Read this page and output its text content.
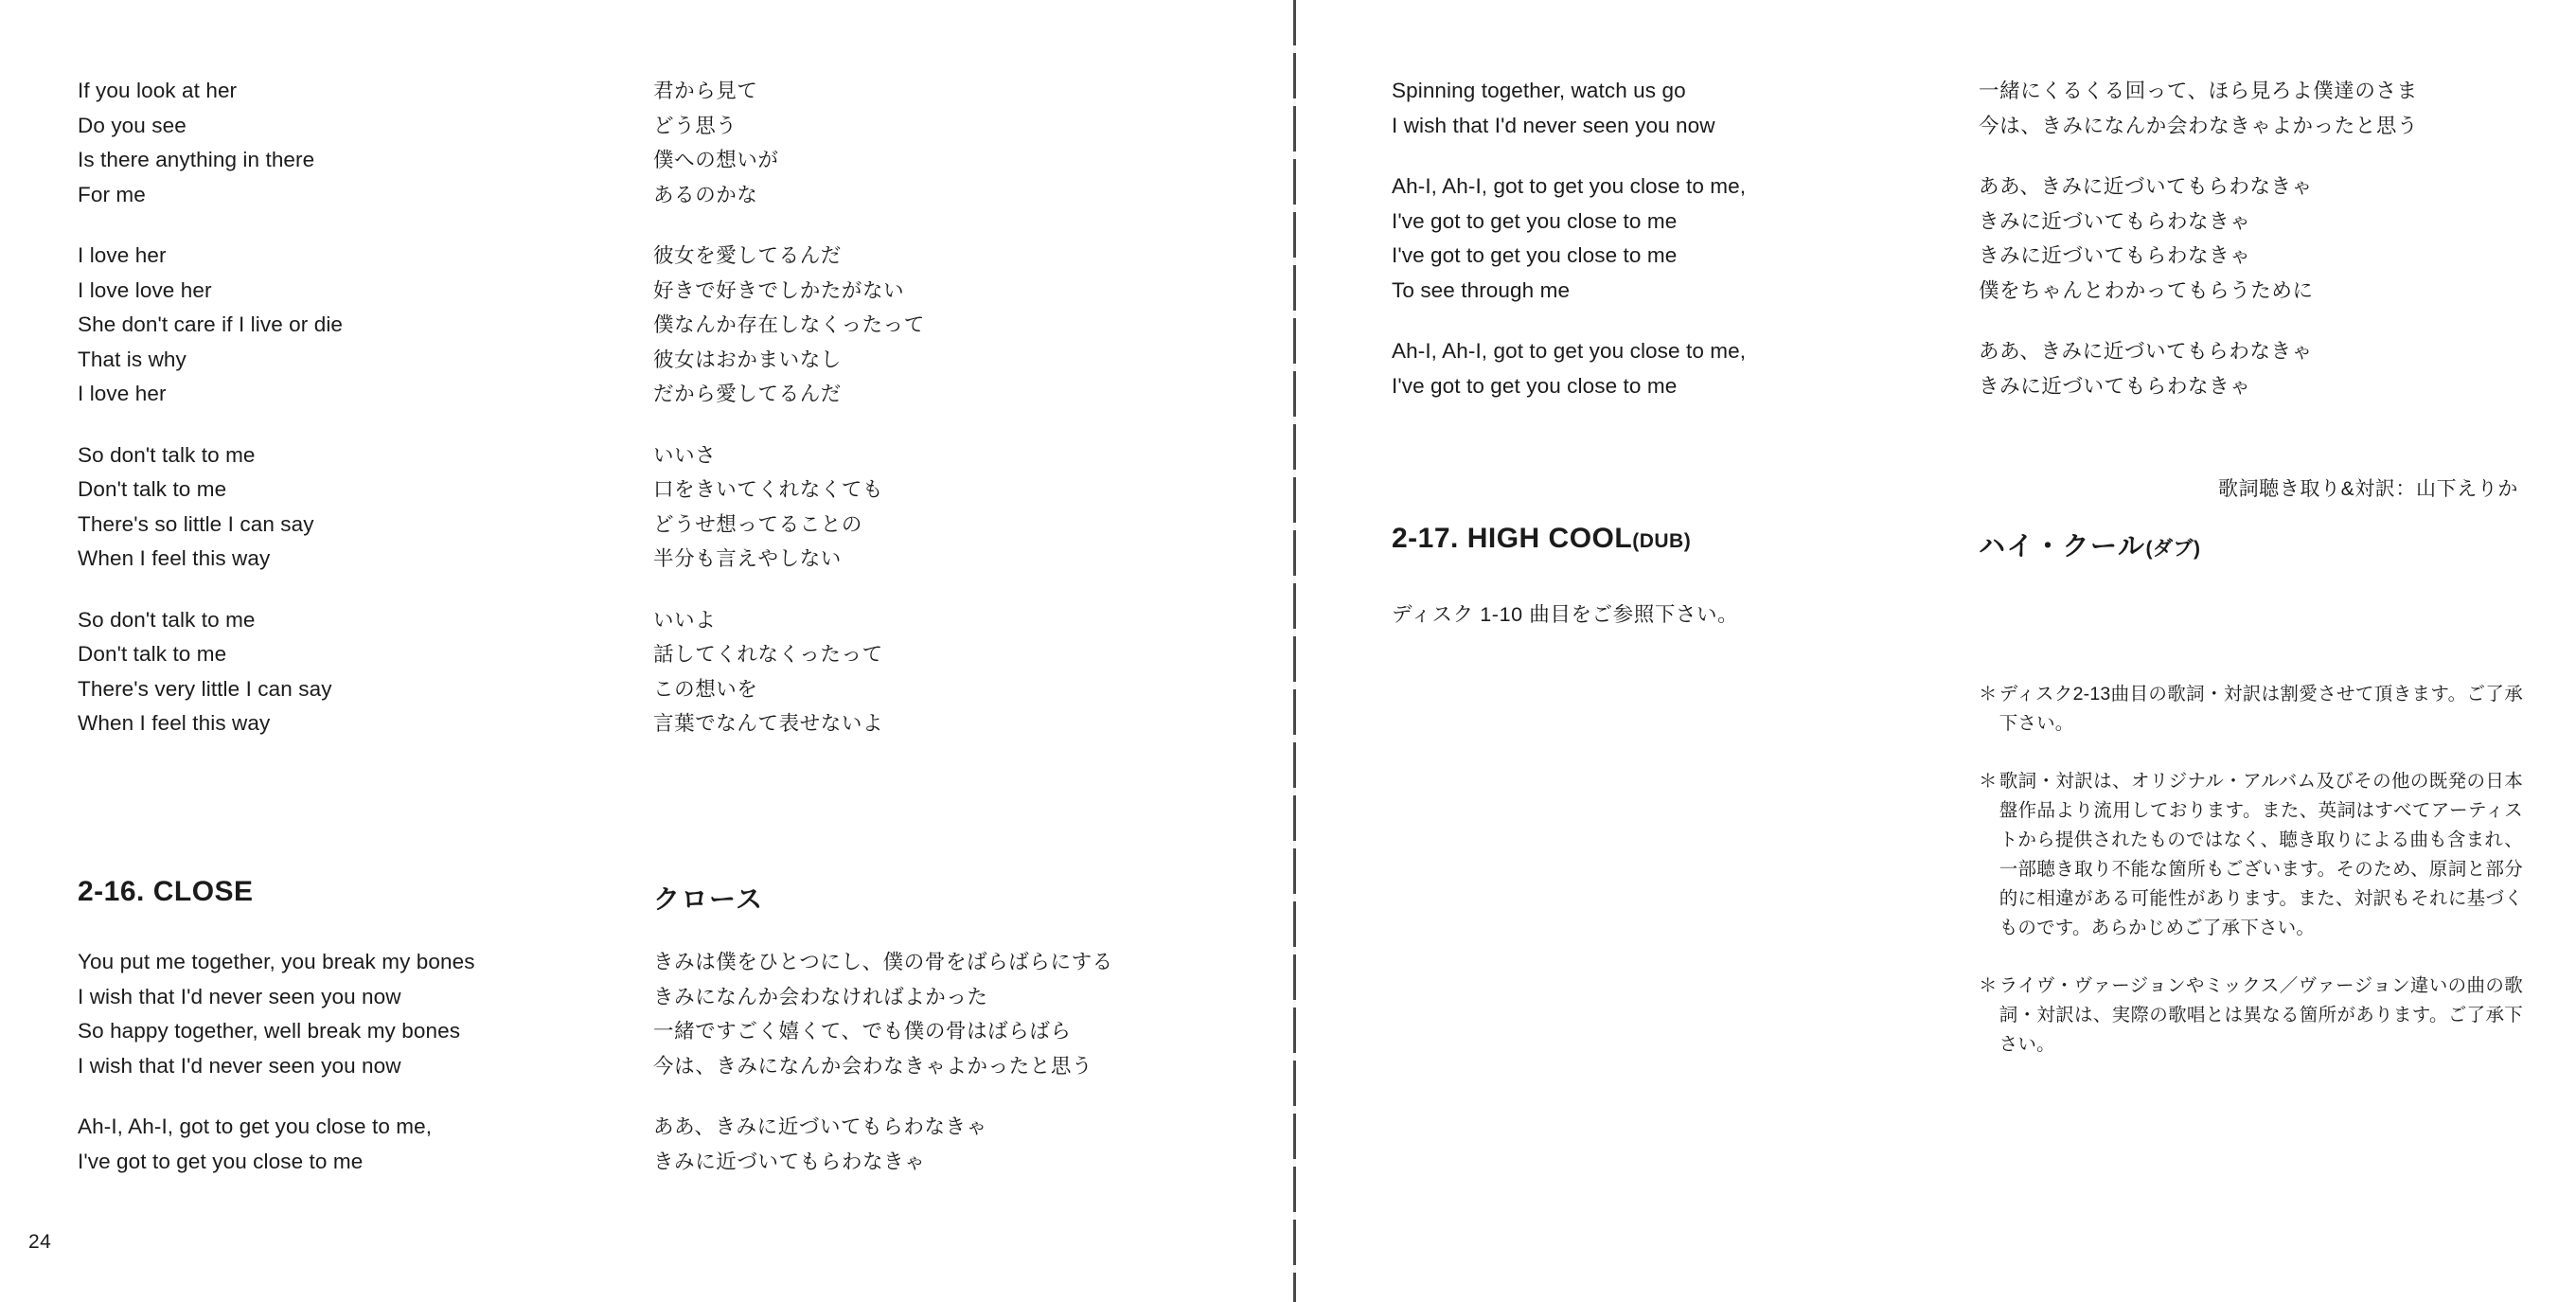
If you look at her
Do you see
Is there anything in there
For me
I love her
I love love her
She don't care if I live or die
That is why
I love her
So don't talk to me
Don't talk to me
There's so little I can say
When I feel this way
So don't talk to me
Don't talk to me
There's very little I can say
When I feel this way
君から見て
どう思う
僕への想いが
あるのかな
彼女を愛してるんだ
好きで好きでしかたがない
僕なんか存在しなくったって
彼女はおかまいなし
だから愛してるんだ
いいさ
口をきいてくれなくても
どうせ想ってることの
半分も言えやしない
いいよ
話してくれなくったって
この想いを
言葉でなんて表せないよ
2-16. CLOSE	クロース
You put me together, you break my bones
I wish that I'd never seen you now
So happy together, well break my bones
I wish that I'd never seen you now
Ah-I, Ah-I, got to get you close to me,
I've got to get you close to me
きみは僕をひとつにし、僕の骨をばらばらにする
きみになんか会わなければよかった
一緒ですごく嬉くて、でも僕の骨はばらばら
今は、きみになんか会わなきゃよかったと思う
ああ、きみに近づいてもらわなきゃ
きみに近づいてもらわなきゃ
24
Spinning together, watch us go
I wish that I'd never seen you now
Ah-I, Ah-I, got to get you close to me,
I've got to get you close to me
I've got to get you close to me
To see through me
Ah-I, Ah-I, got to get you close to me,
I've got to get you close to me
一緒にくるくる回って、ほら見ろよ僕達のさま
今は、きみになんか会わなきゃよかったと思う
ああ、きみに近づいてもらわなきゃ
きみに近づいてもらわなきゃ
きみに近づいてもらわなきゃ
僕をちゃんとわかってもらうために
ああ、きみに近づいてもらわなきゃ
きみに近づいてもらわなきゃ
歌詞聴き取り&対訳：山下えりか
2-17. HIGH COOL(DUB)	ハイ・クール(ダブ)
ディスク 1-10 曲目をご参照下さい。
＊ ディスク2-13曲目の歌詞・対訳は割愛させて頂きます。ご了承下さい。
＊ 歌詞・対訳は、オリジナル・アルバム及びその他の既発の日本盤作品より流用しております。また、英詞はすべてアーティストから提供されたものではなく、聴き取りによる曲も含まれ、一部聴き取り不能な箇所もございます。そのため、原詞と部分的に相違がある可能性があります。また、対訳もそれに基づくものです。あらかじめご了承下さい。
＊ ライヴ・ヴァージョンやミックス／ヴァージョン違いの曲の歌詞・対訳は、実際の歌唱とは異なる箇所があります。ご了承下さい。
